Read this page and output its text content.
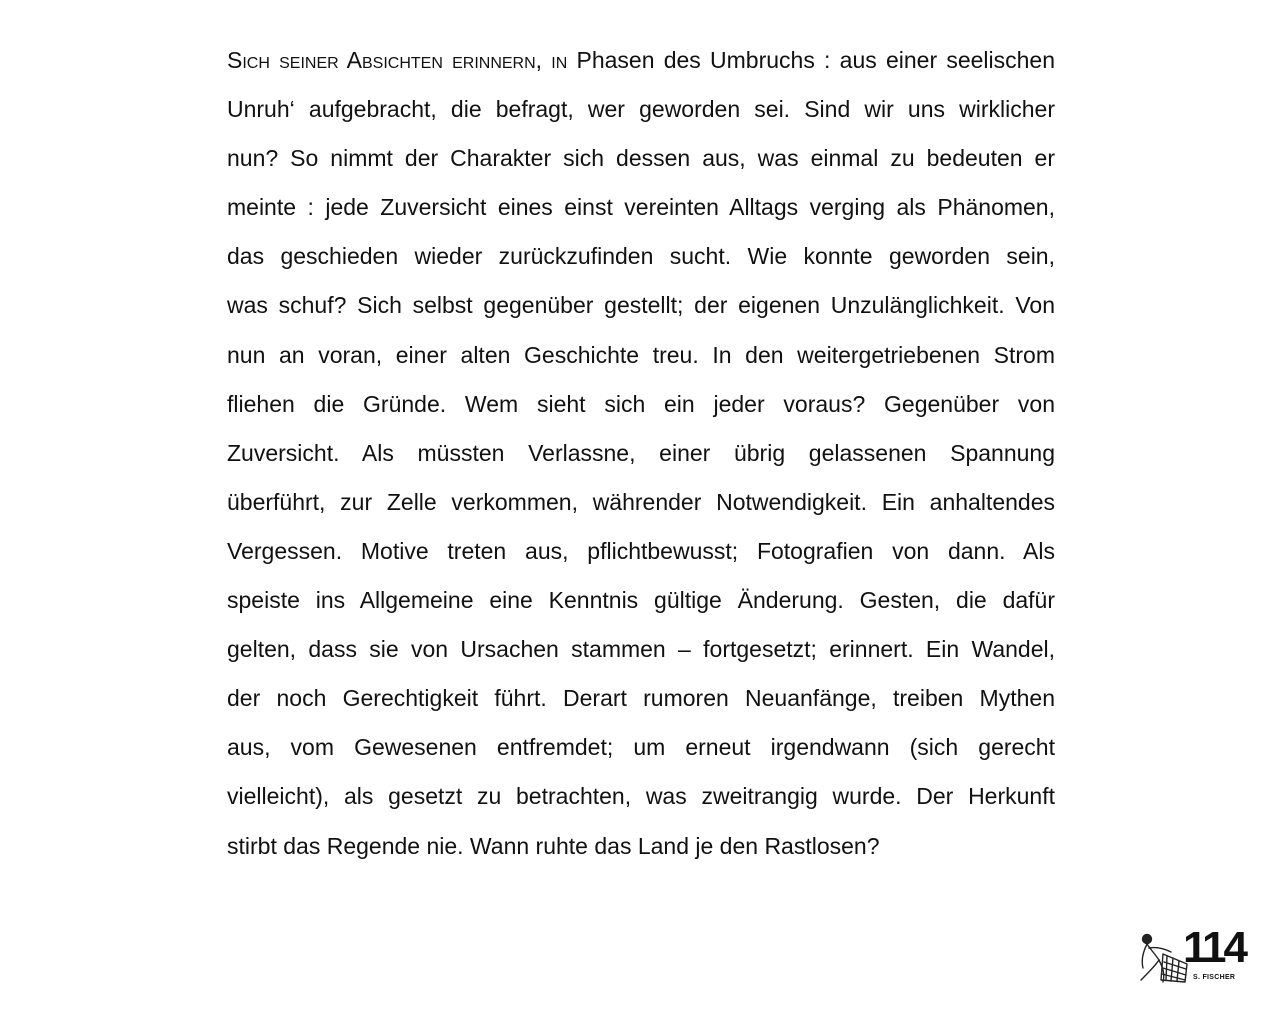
Sich seiner Absichten erinnern, in Phasen des Umbruchs : aus einer seelischen
Unruh‘ aufgebracht, die befragt, wer geworden sei. Sind wir uns wirklicher
nun? So nimmt der Charakter sich dessen aus, was einmal zu bedeuten er
meinte : jede Zuversicht eines einst vereinten Alltags verging als Phänomen,
das geschieden wieder zurückzufinden sucht. Wie konnte geworden sein,
was schuf? Sich selbst gegenüber gestellt; der eigenen Unzulänglichkeit. Von
nun an voran, einer alten Geschichte treu. In den weitergetriebenen Strom
fliehen die Gründe. Wem sieht sich ein jeder voraus? Gegenüber von
Zuversicht. Als müssten Verlassne, einer übrig gelassenen Spannung
überführt, zur Zelle verkommen, währender Notwendigkeit. Ein anhaltendes
Vergessen. Motive treten aus, pflichtbewusst; Fotografien von dann. Als
speiste ins Allgemeine eine Kenntnis gültige Änderung. Gesten, die dafür
gelten, dass sie von Ursachen stammen – fortgesetzt; erinnert. Ein Wandel,
der noch Gerechtigkeit führt. Derart rumoren Neuanfänge, treiben Mythen
aus, vom Gewesenen entfremdet; um erneut irgendwann (sich gerecht
vielleicht), als gesetzt zu betrachten, was zweitrangig wurde. Der Herkunft
stirbt das Regende nie. Wann ruhte das Land je den Rastlosen?
114
S. FISCHER
